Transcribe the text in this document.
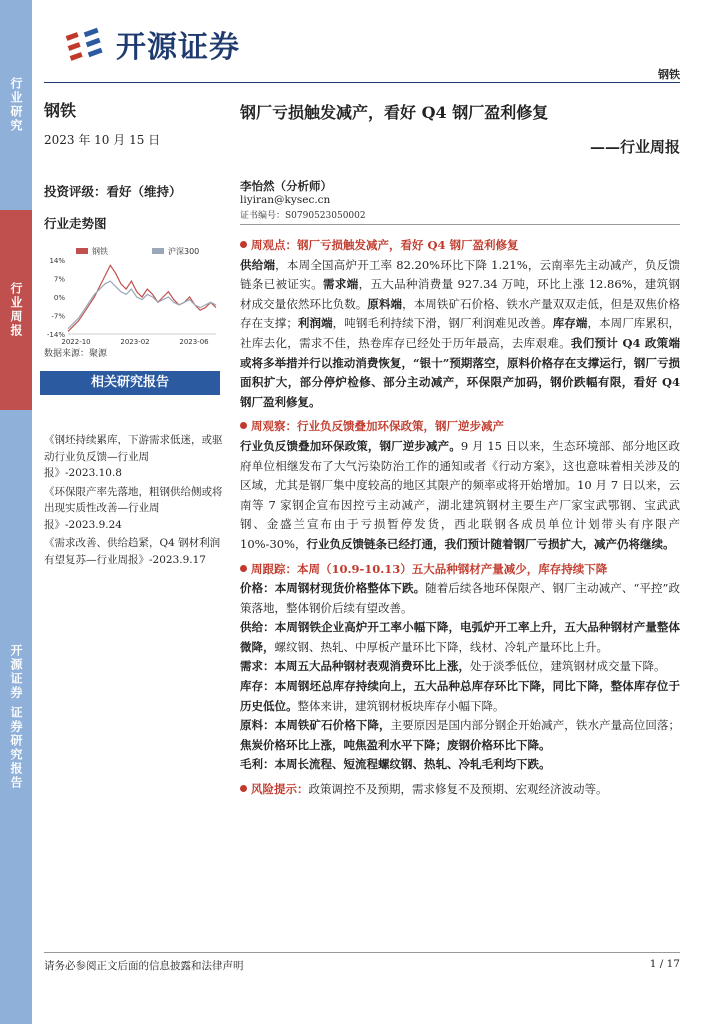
行业研究
行业周报
开源证券 证券研究报告
开源证券
钢铁
钢铁
2023 年 10 月 15 日
投资评级：看好（维持）
行业走势图
钢铁	沪深300
14%
7%
0%
-7%
-14%
2022-10	2023-02	2023-06
数据来源：聚源
相关研究报告
《钢坯持续累库，下游需求低迷，或驱动行业负反馈—行业周报》-2023.10.8
《环保限产率先落地，粗钢供给侧或将出现实质性改善—行业周报》-2023.9.24
《需求改善、供给趋紧，Q4 钢材利润有望复苏—行业周报》-2023.9.17
钢厂亏损触发减产，看好 Q4 钢厂盈利修复
——行业周报
李怡然（分析师）
liyiran@kysec.cn
证书编号：S0790523050002
周观点：钢厂亏损触发减产，看好 Q4 钢厂盈利修复
供给端，本周全国高炉开工率 82.20%环比下降 1.21%，云南率先主动减产，负反馈链条已被证实。需求端，五大品种消费量 927.34 万吨，环比上涨 12.86%，建筑钢材成交量依然环比负数。原料端，本周铁矿石价格、铁水产量双双走低，但是双焦价格存在支撑；利润端，吨钢毛利持续下滑，钢厂利润难见改善。库存端，本周厂库累积，社库去化，需求不佳，热卷库存已经处于历年最高，去库艰难。我们预计 Q4 政策端或将多举措并行以推动消费恢复，“银十”预期落空，原料价格存在支撑运行，钢厂亏损面积扩大，部分停炉检修、部分主动减产，环保限产加码，钢价跌幅有限，看好 Q4 钢厂盈利修复。
周观察：行业负反馈叠加环保政策，钢厂逆步减产
行业负反馈叠加环保政策，钢厂逆步减产。9 月 15 日以来，生态环境部、部分地区政府单位相继发布了大气污染防治工作的通知或者《行动方案》，这也意味着相关涉及的区域，尤其是钢厂集中度较高的地区其限产的频率或将开始增加。10 月 7 日以来，云南等 7 家钢企宣布因控亏主动减产，湖北建筑钢材主要生产厂家宝武鄂钢、宝武武钢、金盛兰宣布由于亏损暂停发货，西北联钢各成员单位计划带头有序限产 10%-30%，行业负反馈链条已经打通，我们预计随着钢厂亏损扩大，减产仍将继续。
周跟踪：本周（10.9-10.13）五大品种钢材产量减少，库存持续下降
价格：本周钢材现货价格整体下跌。随着后续各地环保限产、钢厂主动减产、“平控”政策落地，整体钢价后续有望改善。
供给：本周钢铁企业高炉开工率小幅下降，电弧炉开工率上升，五大品种钢材产量整体微降，螺纹钢、热轧、中厚板产量环比下降，线材、冷轧产量环比上升。
需求：本周五大品种钢材表观消费环比上涨，处于淡季低位，建筑钢材成交量下降。
库存：本周钢坯总库存持续向上，五大品种总库存环比下降，同比下降，整体库存位于历史低位。整体来讲，建筑钢材板块库存小幅下降。
原料：本周铁矿石价格下降，主要原因是国内部分钢企开始减产，铁水产量高位回落；焦炭价格环比上涨，吨焦盈利水平下降；废钢价格环比下降。
毛利：本周长流程、短流程螺纹钢、热轧、冷轧毛利均下跌。
风险提示：政策调控不及预期，需求修复不及预期、宏观经济波动等。
请务必参阅正文后面的信息披露和法律声明	1 / 17
